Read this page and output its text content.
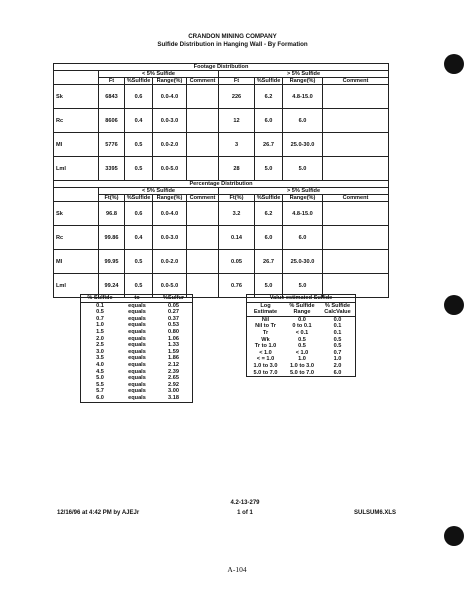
CRANDON MINING COMPANY
Sulfide Distribution in Hanging Wall - By Formation
Footage Distribution								
	< 5% Sulfide				> 5% Sulfide			
	Ft	%Sulfide	Range(%)	Comment	Ft	%Sulfide	Range(%)	Comment
Sk	6843	0.6	0.0-4.0		226	6.2	4.8-15.0	
Rc	8606	0.4	0.0-3.0		12	6.0	6.0	
Ml	5776	0.5	0.0-2.0		3	26.7	25.0-30.0	
Lml	3395	0.5	0.0-5.0		28	5.0	5.0	
Percentage Distribution								
	< 5% Sulfide				> 5% Sulfide			
	Ft(%)	%Sulfide	Range(%)	Comment	Ft(%)	%Sulfide	Range(%)	Comment
Sk	96.8	0.6	0.0-4.0		3.2	6.2	4.8-15.0	
Rc	99.86	0.4	0.0-3.0		0.14	6.0	6.0	
Ml	99.95	0.5	0.0-2.0		0.05	26.7	25.0-30.0	
Lml	99.24	0.5	0.0-5.0		0.76	5.0	5.0	
% Sulfide	to	%Sulfur
0.1	equals	0.05
0.5	equals	0.27
0.7	equals	0.37
1.0	equals	0.53
1.5	equals	0.80
2.0	equals	1.06
2.5	equals	1.33
3.0	equals	1.59
3.5	equals	1.86
4.0	equals	2.12
4.5	equals	2.39
5.0	equals	2.65
5.5	equals	2.92
5.7	equals	3.00
6.0	equals	3.18
Value estimated Sulfide		
Log	% Sulfide	% Sulfide
Estimate	Range	CalcValue
Nil	0.0	0.0
Nil to Tr	0 to 0.1	0.1
Tr	< 0.1	0.1
Wk	0.5	0.5
Tr to 1.0	0.5	0.5
< 1.0	< 1.0	0.7
< = 1.0	1.0	1.0
1.0 to 3.0	1.0 to 3.0	2.0
5.0 to 7.0	5.0 to 7.0	6.0
4.2-13-279
12/16/96 at 4:42 PM by AJEJr	1 of 1	SULSUM6.XLS
A-104
